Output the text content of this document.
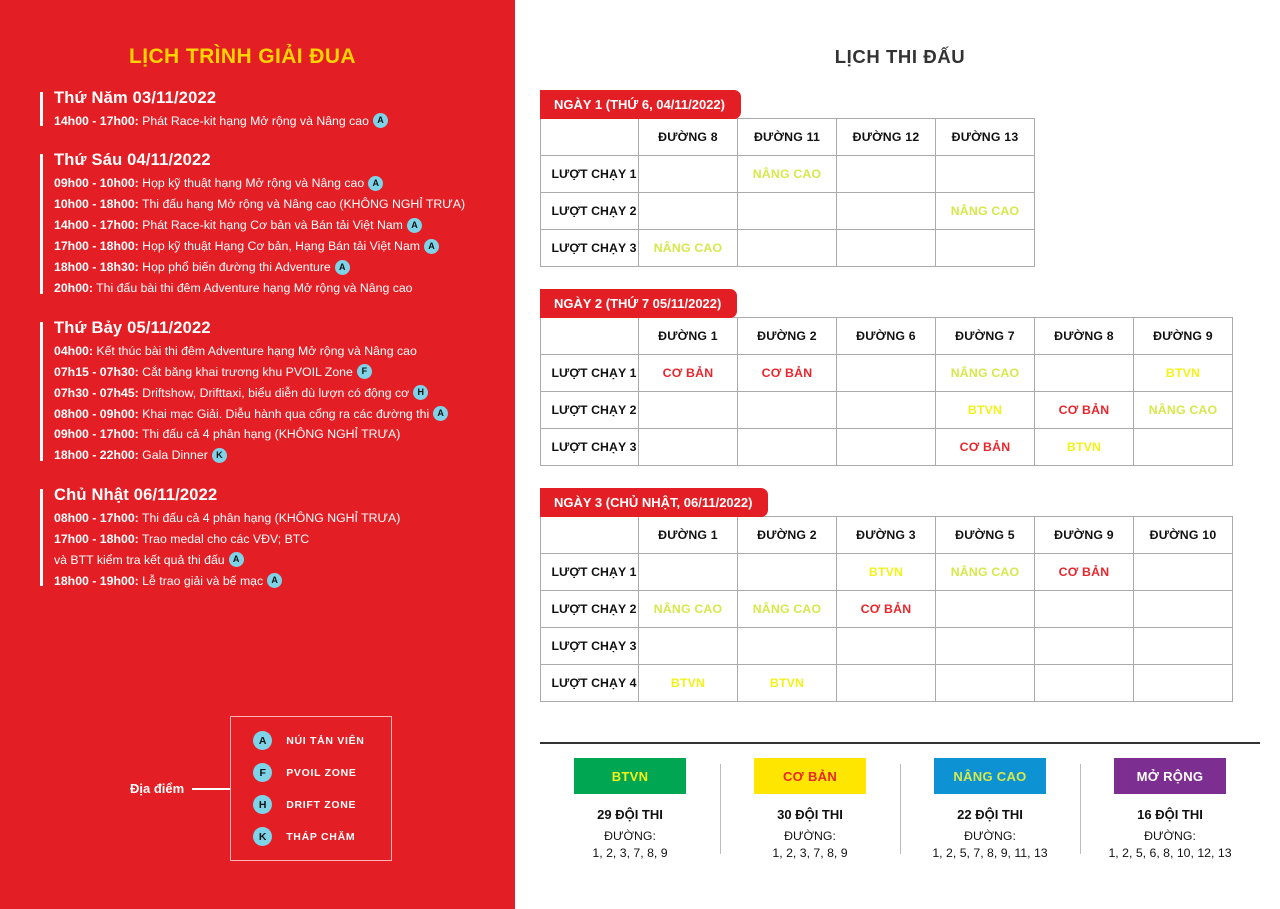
LỊCH TRÌNH GIẢI ĐUA
Thứ Năm 03/11/2022
14h00 - 17h00: Phát Race-kit hạng Mở rộng và Nâng cao A
Thứ Sáu 04/11/2022
09h00 - 10h00: Họp kỹ thuật hạng Mở rộng và Nâng cao A
10h00 - 18h00: Thi đấu hạng Mở rộng và Nâng cao (KHÔNG NGHỈ TRƯA)
14h00 - 17h00: Phát Race-kit hạng Cơ bản và Bán tải Việt Nam A
17h00 - 18h00: Họp kỹ thuật Hạng Cơ bản, Hạng Bán tải Việt Nam A
18h00 - 18h30: Họp phổ biến đường thi Adventure A
20h00: Thi đấu bài thi đêm Adventure hạng Mở rộng và Nâng cao
Thứ Bảy 05/11/2022
04h00: Kết thúc bài thi đêm Adventure hạng Mở rộng và Nâng cao
07h15 - 07h30: Cắt băng khai trương khu PVOIL Zone F
07h30 - 07h45: Driftshow, Drifttaxi, biểu diễn dù lượn có động cơ H
08h00 - 09h00: Khai mạc Giải. Diễu hành qua cổng ra các đường thi A
09h00 - 17h00: Thi đấu cả 4 phân hạng (KHÔNG NGHỈ TRƯA)
18h00 - 22h00: Gala Dinner K
Chủ Nhật 06/11/2022
08h00 - 17h00: Thi đấu cả 4 phân hạng (KHÔNG NGHỈ TRƯA)
17h00 - 18h00: Trao medal cho các VĐV; BTC
và BTT kiểm tra kết quả thi đấu A
18h00 - 19h00: Lễ trao giải và bế mạc A
Địa điểm
A	NÚI TẢN VIÊN
F	PVOIL ZONE
H	DRIFT ZONE
K	THÁP CHĂM
LỊCH THI ĐẤU
NGÀY 1 (THỨ 6, 04/11/2022)
	ĐƯỜNG 8	ĐƯỜNG 11	ĐƯỜNG 12	ĐƯỜNG 13
LƯỢT CHẠY 1		NÂNG CAO	MỞ RỘNG	
LƯỢT CHẠY 2	MỞ RỘNG			NÂNG CAO
LƯỢT CHẠY 3	NÂNG CAO			MỞ RỘNG
NGÀY 2 (THỨ 7 05/11/2022)
	ĐƯỜNG 1	ĐƯỜNG 2	ĐƯỜNG 6	ĐƯỜNG 7	ĐƯỜNG 8	ĐƯỜNG 9
LƯỢT CHẠY 1	CƠ BẢN	CƠ BẢN	MỞ RỘNG	NÂNG CAO		BTVN
LƯỢT CHẠY 2	MỞ RỘNG	MỞ RỘNG		BTVN	CƠ BẢN	NÂNG CAO
LƯỢT CHẠY 3				CƠ BẢN	BTVN	
NGÀY 3 (CHỦ NHẬT, 06/11/2022)
	ĐƯỜNG 1	ĐƯỜNG 2	ĐƯỜNG 3	ĐƯỜNG 5	ĐƯỜNG 9	ĐƯỜNG 10
LƯỢT CHẠY 1			BTVN	NÂNG CAO	CƠ BẢN	MỞ RỘNG
LƯỢT CHẠY 2	NÂNG CAO	NÂNG CAO	CƠ BẢN			
LƯỢT CHẠY 3				MỞ RỘNG		
LƯỢT CHẠY 4	BTVN	BTVN				
BTVN
29 ĐỘI THI
ĐƯỜNG:
1, 2, 3, 7, 8, 9
CƠ BẢN
30 ĐỘI THI
ĐƯỜNG:
1, 2, 3, 7, 8, 9
NÂNG CAO
22 ĐỘI THI
ĐƯỜNG:
1, 2, 5, 7, 8, 9, 11, 13
MỞ RỘNG
16 ĐỘI THI
ĐƯỜNG:
1, 2, 5, 6, 8, 10, 12, 13
